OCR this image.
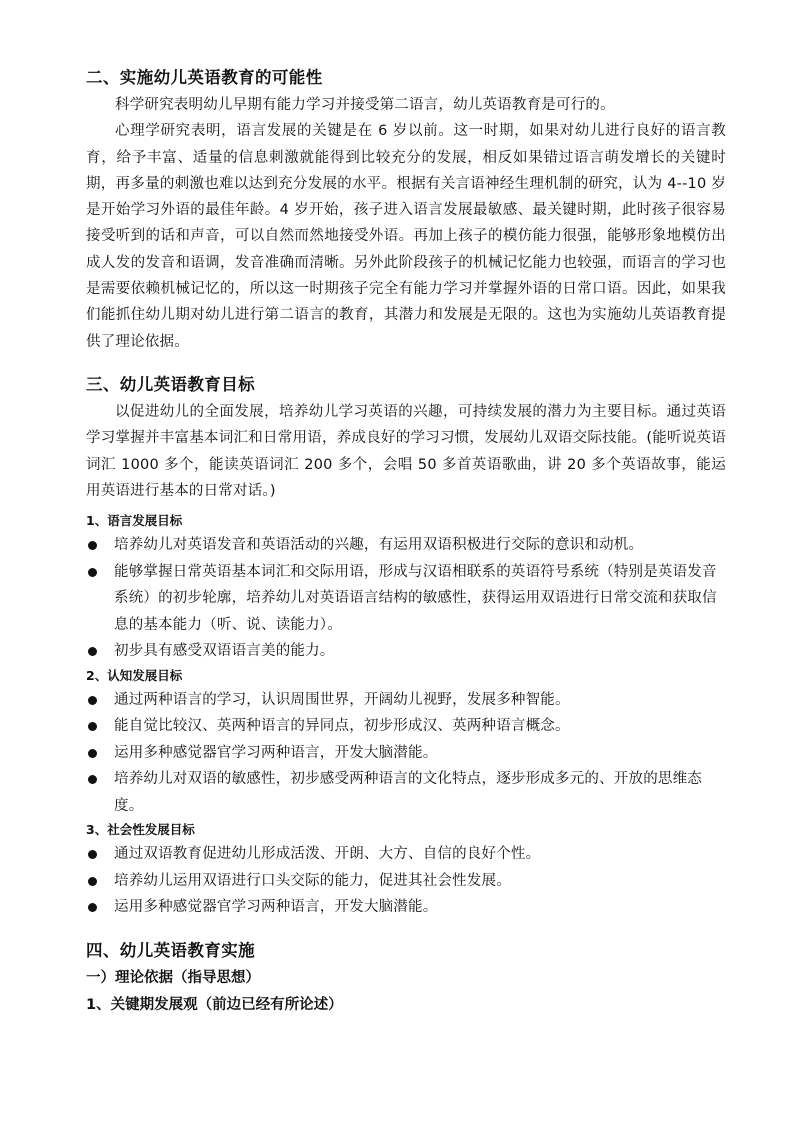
二、实施幼儿英语教育的可能性

科学研究表明幼儿早期有能力学习并接受第二语言，幼儿英语教育是可行的。

心理学研究表明，语言发展的关键是在 6 岁以前。这一时期，如果对幼儿进行良好的语言教育，给予丰富、适量的信息刺激就能得到比较充分的发展，相反如果错过语言萌发增长的关键时期，再多量的刺激也难以达到充分发展的水平。根据有关言语神经生理机制的研究，认为 4--10 岁是开始学习外语的最佳年龄。4 岁开始，孩子进入语言发展最敏感、最关键时期，此时孩子很容易接受听到的话和声音，可以自然而然地接受外语。再加上孩子的模仿能力很强，能够形象地模仿出成人发的发音和语调，发音准确而清晰。另外此阶段孩子的机械记忆能力也较强，而语言的学习也是需要依赖机械记忆的，所以这一时期孩子完全有能力学习并掌握外语的日常口语。因此，如果我们能抓住幼儿期对幼儿进行第二语言的教育，其潜力和发展是无限的。这也为实施幼儿英语教育提供了理论依据。

三、幼儿英语教育目标

以促进幼儿的全面发展，培养幼儿学习英语的兴趣，可持续发展的潜力为主要目标。通过英语学习掌握并丰富基本词汇和日常用语，养成良好的学习习惯，发展幼儿双语交际技能。(能听说英语词汇 1000 多个，能读英语词汇 200 多个，会唱 50 多首英语歌曲，讲 20 多个英语故事，能运用英语进行基本的日常对话。)

1、语言发展目标

培养幼儿对英语发音和英语活动的兴趣，有运用双语积极进行交际的意识和动机。
能够掌握日常英语基本词汇和交际用语，形成与汉语相联系的英语符号系统（特别是英语发音系统）的初步轮廓，培养幼儿对英语语言结构的敏感性，获得运用双语进行日常交流和获取信息的基本能力（听、说、读能力）。
初步具有感受双语语言美的能力。

2、认知发展目标

通过两种语言的学习，认识周围世界，开阔幼儿视野，发展多种智能。
能自觉比较汉、英两种语言的异同点，初步形成汉、英两种语言概念。
运用多种感觉器官学习两种语言，开发大脑潜能。
培养幼儿对双语的敏感性，初步感受两种语言的文化特点，逐步形成多元的、开放的思维态度。

3、社会性发展目标

通过双语教育促进幼儿形成活泼、开朗、大方、自信的良好个性。
培养幼儿运用双语进行口头交际的能力，促进其社会性发展。
运用多种感觉器官学习两种语言，开发大脑潜能。
四、幼儿英语教育实施

一）理论依据（指导思想）

1、关键期发展观（前边已经有所论述）
